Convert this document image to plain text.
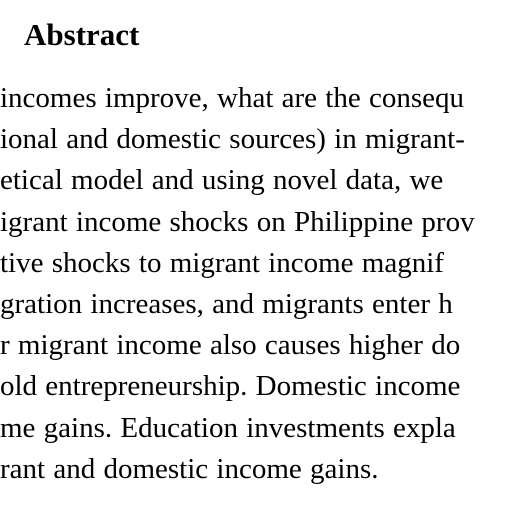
Abstract
incomes improve, what are the consequ
ional and domestic sources) in migrant-
etical model and using novel data, we
igrant income shocks on Philippine prov
tive shocks to migrant income magnif
gration increases, and migrants enter h
r migrant income also causes higher do
old entrepreneurship. Domestic income
me gains. Education investments expla
rant and domestic income gains.
